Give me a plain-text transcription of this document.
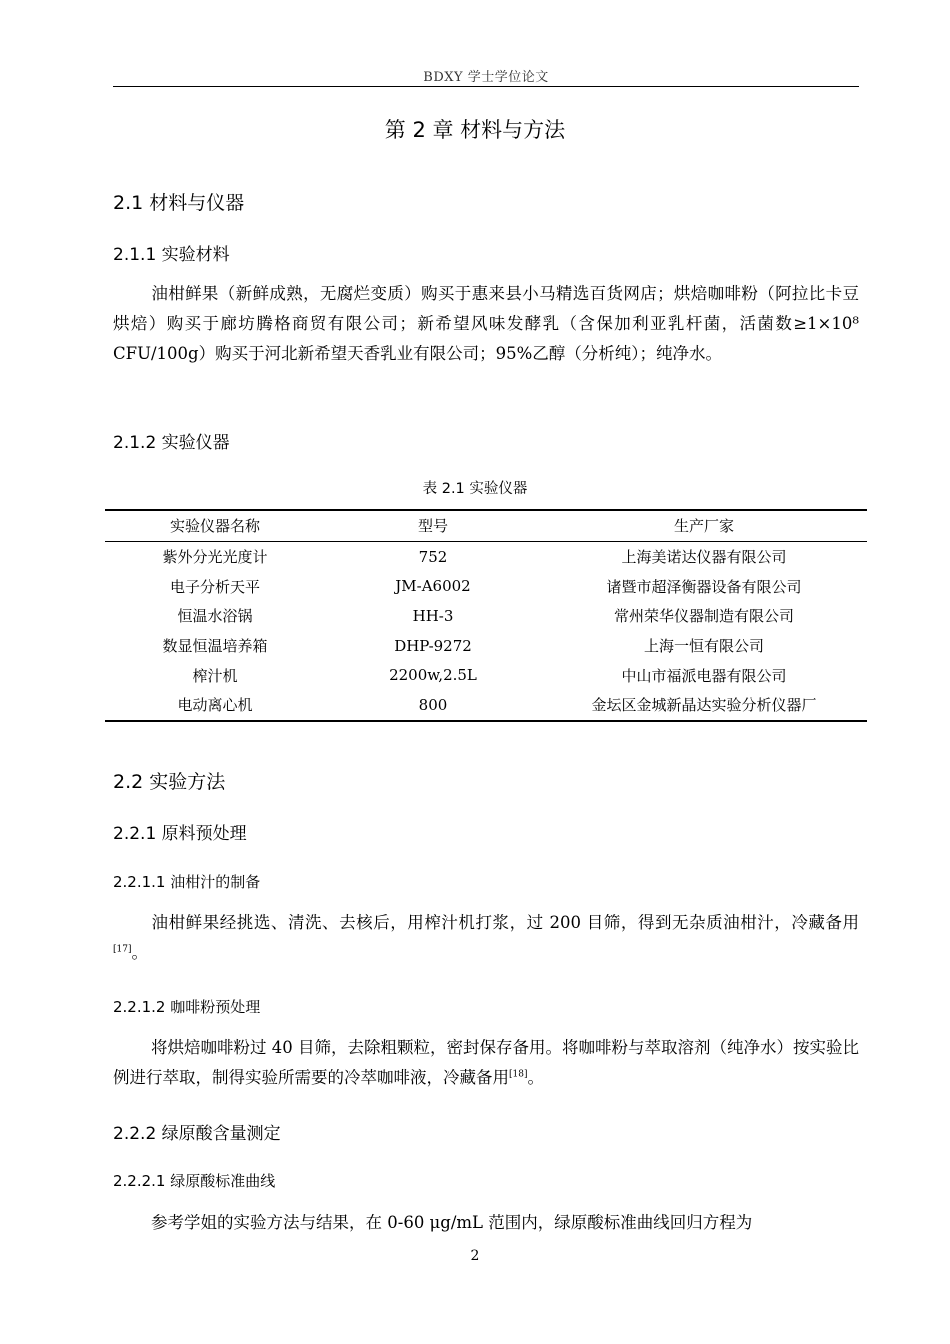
BDXY 学士学位论文
第 2 章 材料与方法
2.1 材料与仪器
2.1.1 实验材料
油柑鲜果（新鲜成熟，无腐烂变质）购买于惠来县小马精选百货网店；烘焙咖啡粉（阿拉比卡豆烘焙）购买于廊坊腾格商贸有限公司；新希望风味发酵乳（含保加利亚乳杆菌，活菌数≥1×10⁸ CFU/100g）购买于河北新希望天香乳业有限公司；95%乙醇（分析纯）；纯净水。
2.1.2 实验仪器
表 2.1 实验仪器
实验仪器名称	型号	生产厂家
紫外分光光度计	752	上海美诺达仪器有限公司
电子分析天平	JM-A6002	诸暨市超泽衡器设备有限公司
恒温水浴锅	HH-3	常州荣华仪器制造有限公司
数显恒温培养箱	DHP-9272	上海一恒有限公司
榨汁机	2200w,2.5L	中山市福派电器有限公司
电动离心机	800	金坛区金城新晶达实验分析仪器厂
2.2 实验方法
2.2.1 原料预处理
2.2.1.1 油柑汁的制备
油柑鲜果经挑选、清洗、去核后，用榨汁机打浆，过 200 目筛，得到无杂质油柑汁，冷藏备用[17]。
2.2.1.2 咖啡粉预处理
将烘焙咖啡粉过 40 目筛，去除粗颗粒，密封保存备用。将咖啡粉与萃取溶剂（纯净水）按实验比例进行萃取，制得实验所需要的冷萃咖啡液，冷藏备用[18]。
2.2.2 绿原酸含量测定
2.2.2.1 绿原酸标准曲线
参考学姐的实验方法与结果，在 0-60 μg/mL 范围内，绿原酸标准曲线回归方程为
2
